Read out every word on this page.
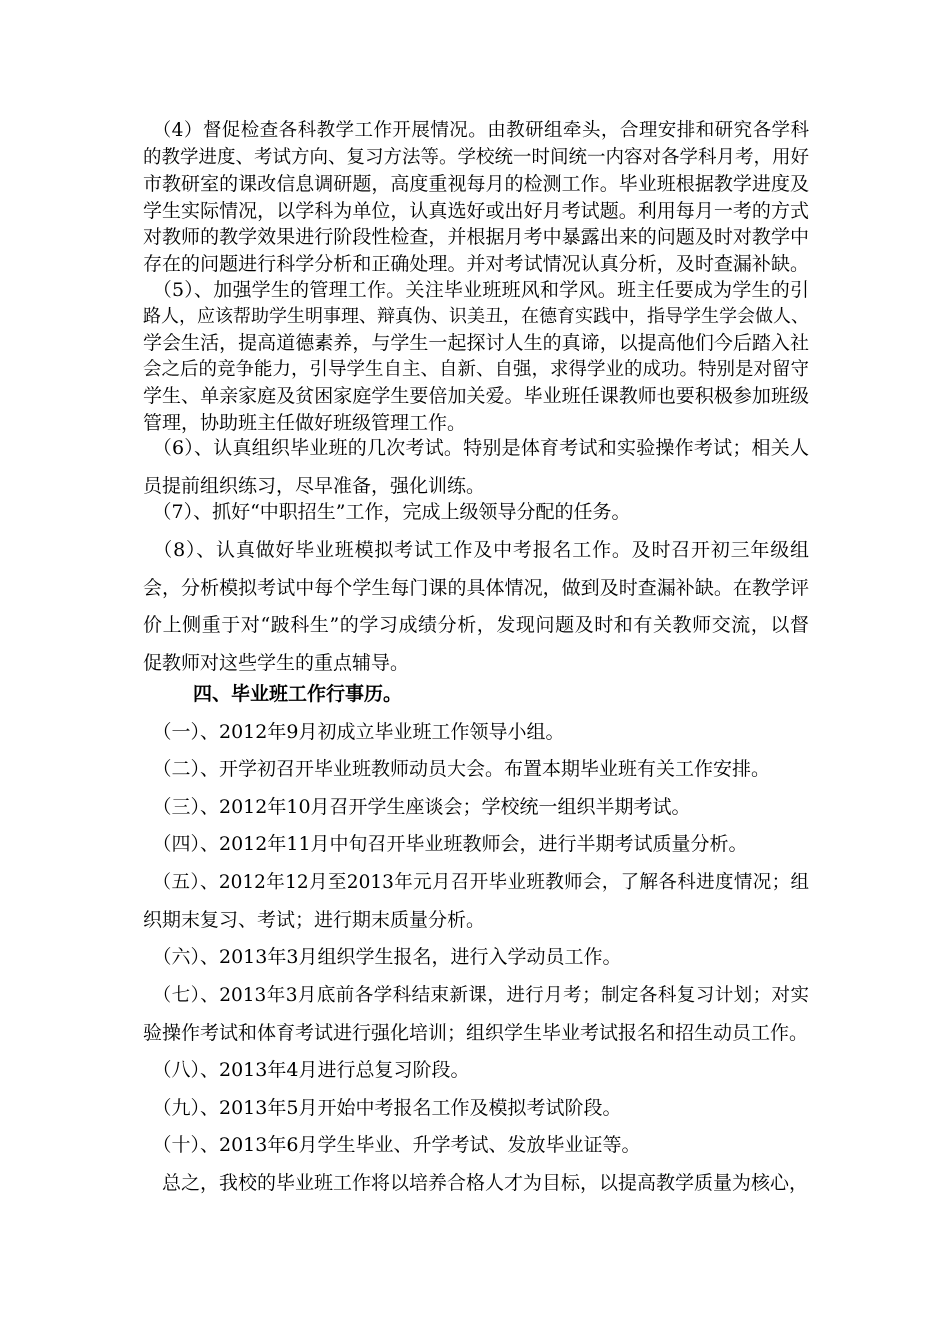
　（4）督促检查各科教学工作开展情况。由教研组牵头，合理安排和研究各学科
的教学进度、考试方向、复习方法等。学校统一时间统一内容对各学科月考，用好
市教研室的课改信息调研题，高度重视每月的检测工作。毕业班根据教学进度及
学生实际情况，以学科为单位，认真选好或出好月考试题。利用每月一考的方式
对教师的教学效果进行阶段性检查，并根据月考中暴露出来的问题及时对教学中
存在的问题进行科学分析和正确处理。并对考试情况认真分析，及时查漏补缺。
　（5）、加强学生的管理工作。关注毕业班班风和学风。班主任要成为学生的引
路人，应该帮助学生明事理、辩真伪、识美丑，在德育实践中，指导学生学会做人、
学会生活，提高道德素养，与学生一起探讨人生的真谛，以提高他们今后踏入社
会之后的竞争能力，引导学生自主、自新、自强，求得学业的成功。特别是对留守
学生、单亲家庭及贫困家庭学生要倍加关爱。毕业班任课教师也要积极参加班级
管理，协助班主任做好班级管理工作。
　（6）、认真组织毕业班的几次考试。特别是体育考试和实验操作考试；相关人
员提前组织练习，尽早准备，强化训练。
　（7）、抓好“中职招生”工作，完成上级领导分配的任务。
　（8）、认真做好毕业班模拟考试工作及中考报名工作。及时召开初三年级组
会，分析模拟考试中每个学生每门课的具体情况，做到及时查漏补缺。在教学评
价上侧重于对“跛科生”的学习成绩分析，发现问题及时和有关教师交流，以督
促教师对这些学生的重点辅导。
四、毕业班工作行事历。
　（一）、2012年9月初成立毕业班工作领导小组。
　（二）、开学初召开毕业班教师动员大会。布置本期毕业班有关工作安排。
　（三）、2012年10月召开学生座谈会；学校统一组织半期考试。
　（四）、2012年11月中旬召开毕业班教师会，进行半期考试质量分析。
　（五）、2012年12月至2013年元月召开毕业班教师会，了解各科进度情况；组
织期末复习、考试；进行期末质量分析。
　（六）、2013年3月组织学生报名，进行入学动员工作。
　（七）、2013年3月底前各学科结束新课，进行月考；制定各科复习计划；对实
验操作考试和体育考试进行强化培训；组织学生毕业考试报名和招生动员工作。
　（八）、2013年4月进行总复习阶段。
　（九）、2013年5月开始中考报名工作及模拟考试阶段。
　（十）、2013年6月学生毕业、升学考试、发放毕业证等。
　总之，我校的毕业班工作将以培养合格人才为目标，以提高教学质量为核心，
